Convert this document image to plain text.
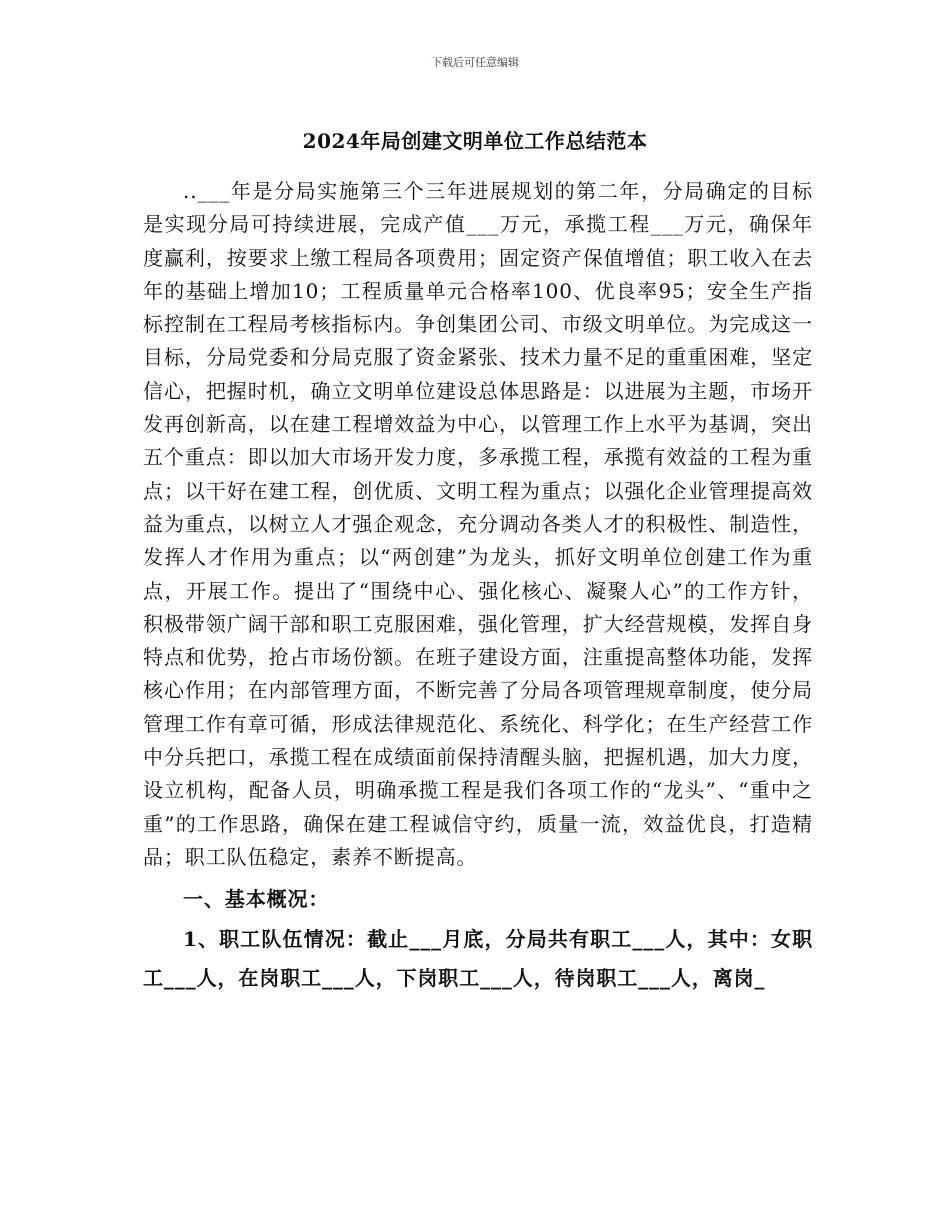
下载后可任意编辑
2024年局创建文明单位工作总结范本

..___年是分局实施第三个三年进展规划的第二年，分局确定的目标是实现分局可持续进展，完成产值___万元，承揽工程___万元，确保年度赢利，按要求上缴工程局各项费用；固定资产保值增值；职工收入在去年的基础上增加10；工程质量单元合格率100、优良率95；安全生产指标控制在工程局考核指标内。争创集团公司、市级文明单位。为完成这一目标，分局党委和分局克服了资金紧张、技术力量不足的重重困难，坚定信心，把握时机，确立文明单位建设总体思路是：以进展为主题，市场开发再创新高，以在建工程增效益为中心，以管理工作上水平为基调，突出五个重点：即以加大市场开发力度，多承揽工程，承揽有效益的工程为重点；以干好在建工程，创优质、文明工程为重点；以强化企业管理提高效益为重点，以树立人才强企观念，充分调动各类人才的积极性、制造性，发挥人才作用为重点；以“两创建”为龙头，抓好文明单位创建工作为重点，开展工作。提出了“围绕中心、强化核心、凝聚人心”的工作方针，积极带领广阔干部和职工克服困难，强化管理，扩大经营规模，发挥自身特点和优势，抢占市场份额。在班子建设方面，注重提高整体功能，发挥核心作用；在内部管理方面，不断完善了分局各项管理规章制度，使分局管理工作有章可循，形成法律规范化、系统化、科学化；在生产经营工作中分兵把口，承揽工程在成绩面前保持清醒头脑，把握机遇，加大力度，设立机构，配备人员，明确承揽工程是我们各项工作的“龙头”、“重中之重”的工作思路，确保在建工程诚信守约，质量一流，效益优良，打造精品；职工队伍稳定，素养不断提高。

一、基本概况：

1、职工队伍情况：截止___月底，分局共有职工___人，其中：女职工___人，在岗职工___人，下岗职工___人，待岗职工___人，离岗_
